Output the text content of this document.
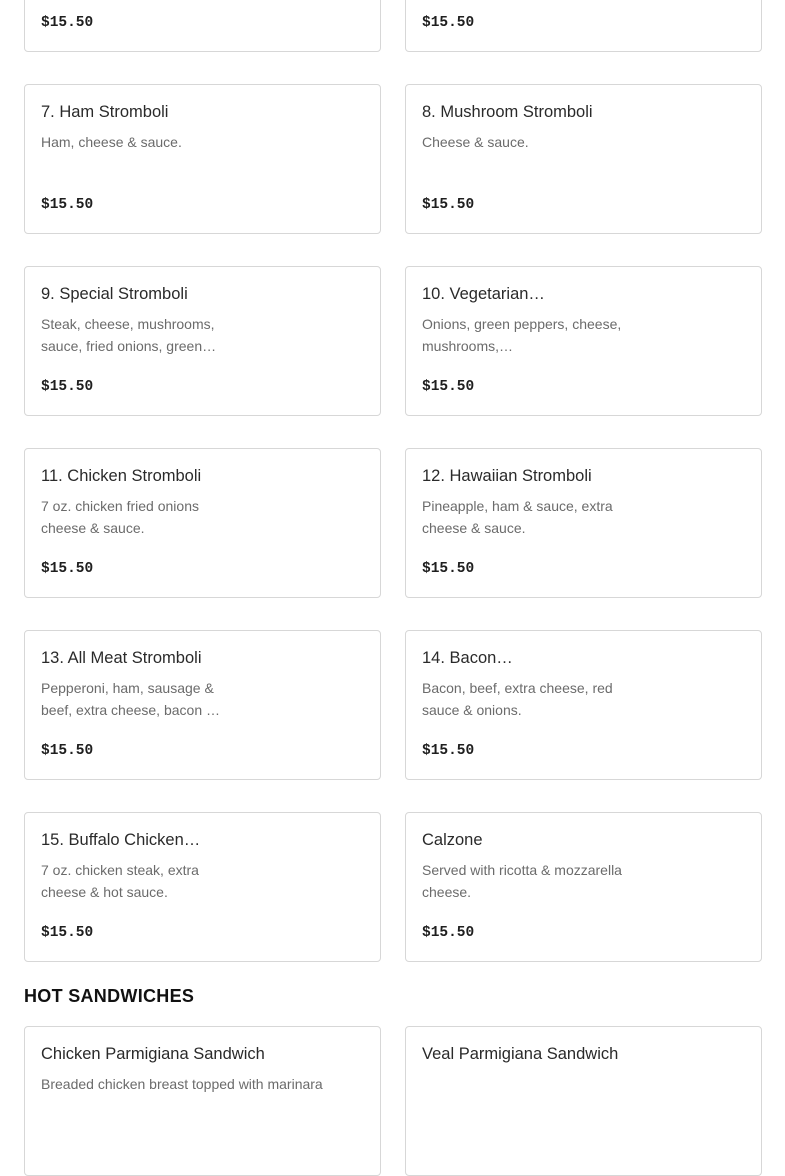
$15.50	$15.50
7. Ham Stromboli
Ham, cheese & sauce.
$15.50
8. Mushroom Stromboli
Cheese & sauce.
$15.50
9. Special Stromboli
Steak, cheese, mushrooms, sauce, fried onions, green…
$15.50
10. Vegetarian…
Onions, green peppers, cheese, mushrooms,…
$15.50
11. Chicken Stromboli
7 oz. chicken fried onions cheese & sauce.
$15.50
12. Hawaiian Stromboli
Pineapple, ham & sauce, extra cheese & sauce.
$15.50
13. All Meat Stromboli
Pepperoni, ham, sausage & beef, extra cheese, bacon …
$15.50
14. Bacon…
Bacon, beef, extra cheese, red sauce & onions.
$15.50
15. Buffalo Chicken…
7 oz. chicken steak, extra cheese & hot sauce.
$15.50
Calzone
Served with ricotta & mozzarella cheese.
$15.50
HOT SANDWICHES
Chicken Parmigiana Sandwich
Breaded chicken breast topped with marinara
Veal Parmigiana Sandwich
